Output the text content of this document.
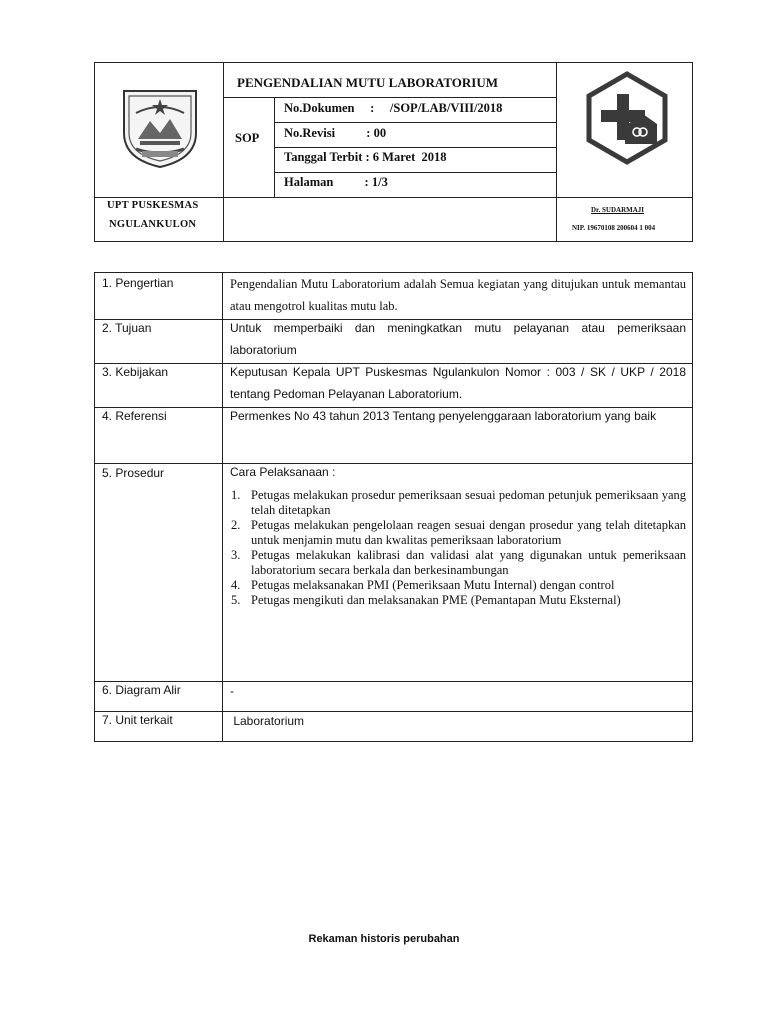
PENGENDALIAN MUTU LABORATORIUM
SOP
No.Dokumen     :     /SOP/LAB/VIII/2018
No.Revisi          : 00
Tanggal Terbit : 6 Maret  2018
Halaman          : 1/3
UPT PUSKESMAS
NGULANKULON
Dr. SUDARMAJI
NIP. 19670108 200604 1 004
1. Pengertian	Pengendalian Mutu Laboratorium adalah Semua kegiatan yang ditujukan untuk memantau atau mengotrol kualitas mutu lab.
2. Tujuan	Untuk memperbaiki dan meningkatkan mutu pelayanan atau pemeriksaan laboratorium
3. Kebijakan	Keputusan Kepala UPT Puskesmas Ngulankulon Nomor : 003 / SK / UKP / 2018 tentang Pedoman Pelayanan Laboratorium.
4. Referensi	Permenkes No 43 tahun 2013 Tentang penyelenggaraan laboratorium yang baik
5. Prosedur	Cara Pelaksanaan :
1. Petugas melakukan prosedur pemeriksaan sesuai pedoman petunjuk pemeriksaan yang telah ditetapkan
2. Petugas melakukan pengelolaan reagen sesuai dengan prosedur yang telah ditetapkan untuk menjamin mutu dan kwalitas pemeriksaan laboratorium
3. Petugas melakukan kalibrasi dan validasi alat yang digunakan untuk pemeriksaan laboratorium secara berkala dan berkesinambungan
4. Petugas melaksanakan PMI (Pemeriksaan Mutu Internal) dengan control
5. Petugas mengikuti dan melaksanakan PME (Pemantapan Mutu Eksternal)
6. Diagram Alir	-
7. Unit terkait	Laboratorium
Rekaman historis perubahan
